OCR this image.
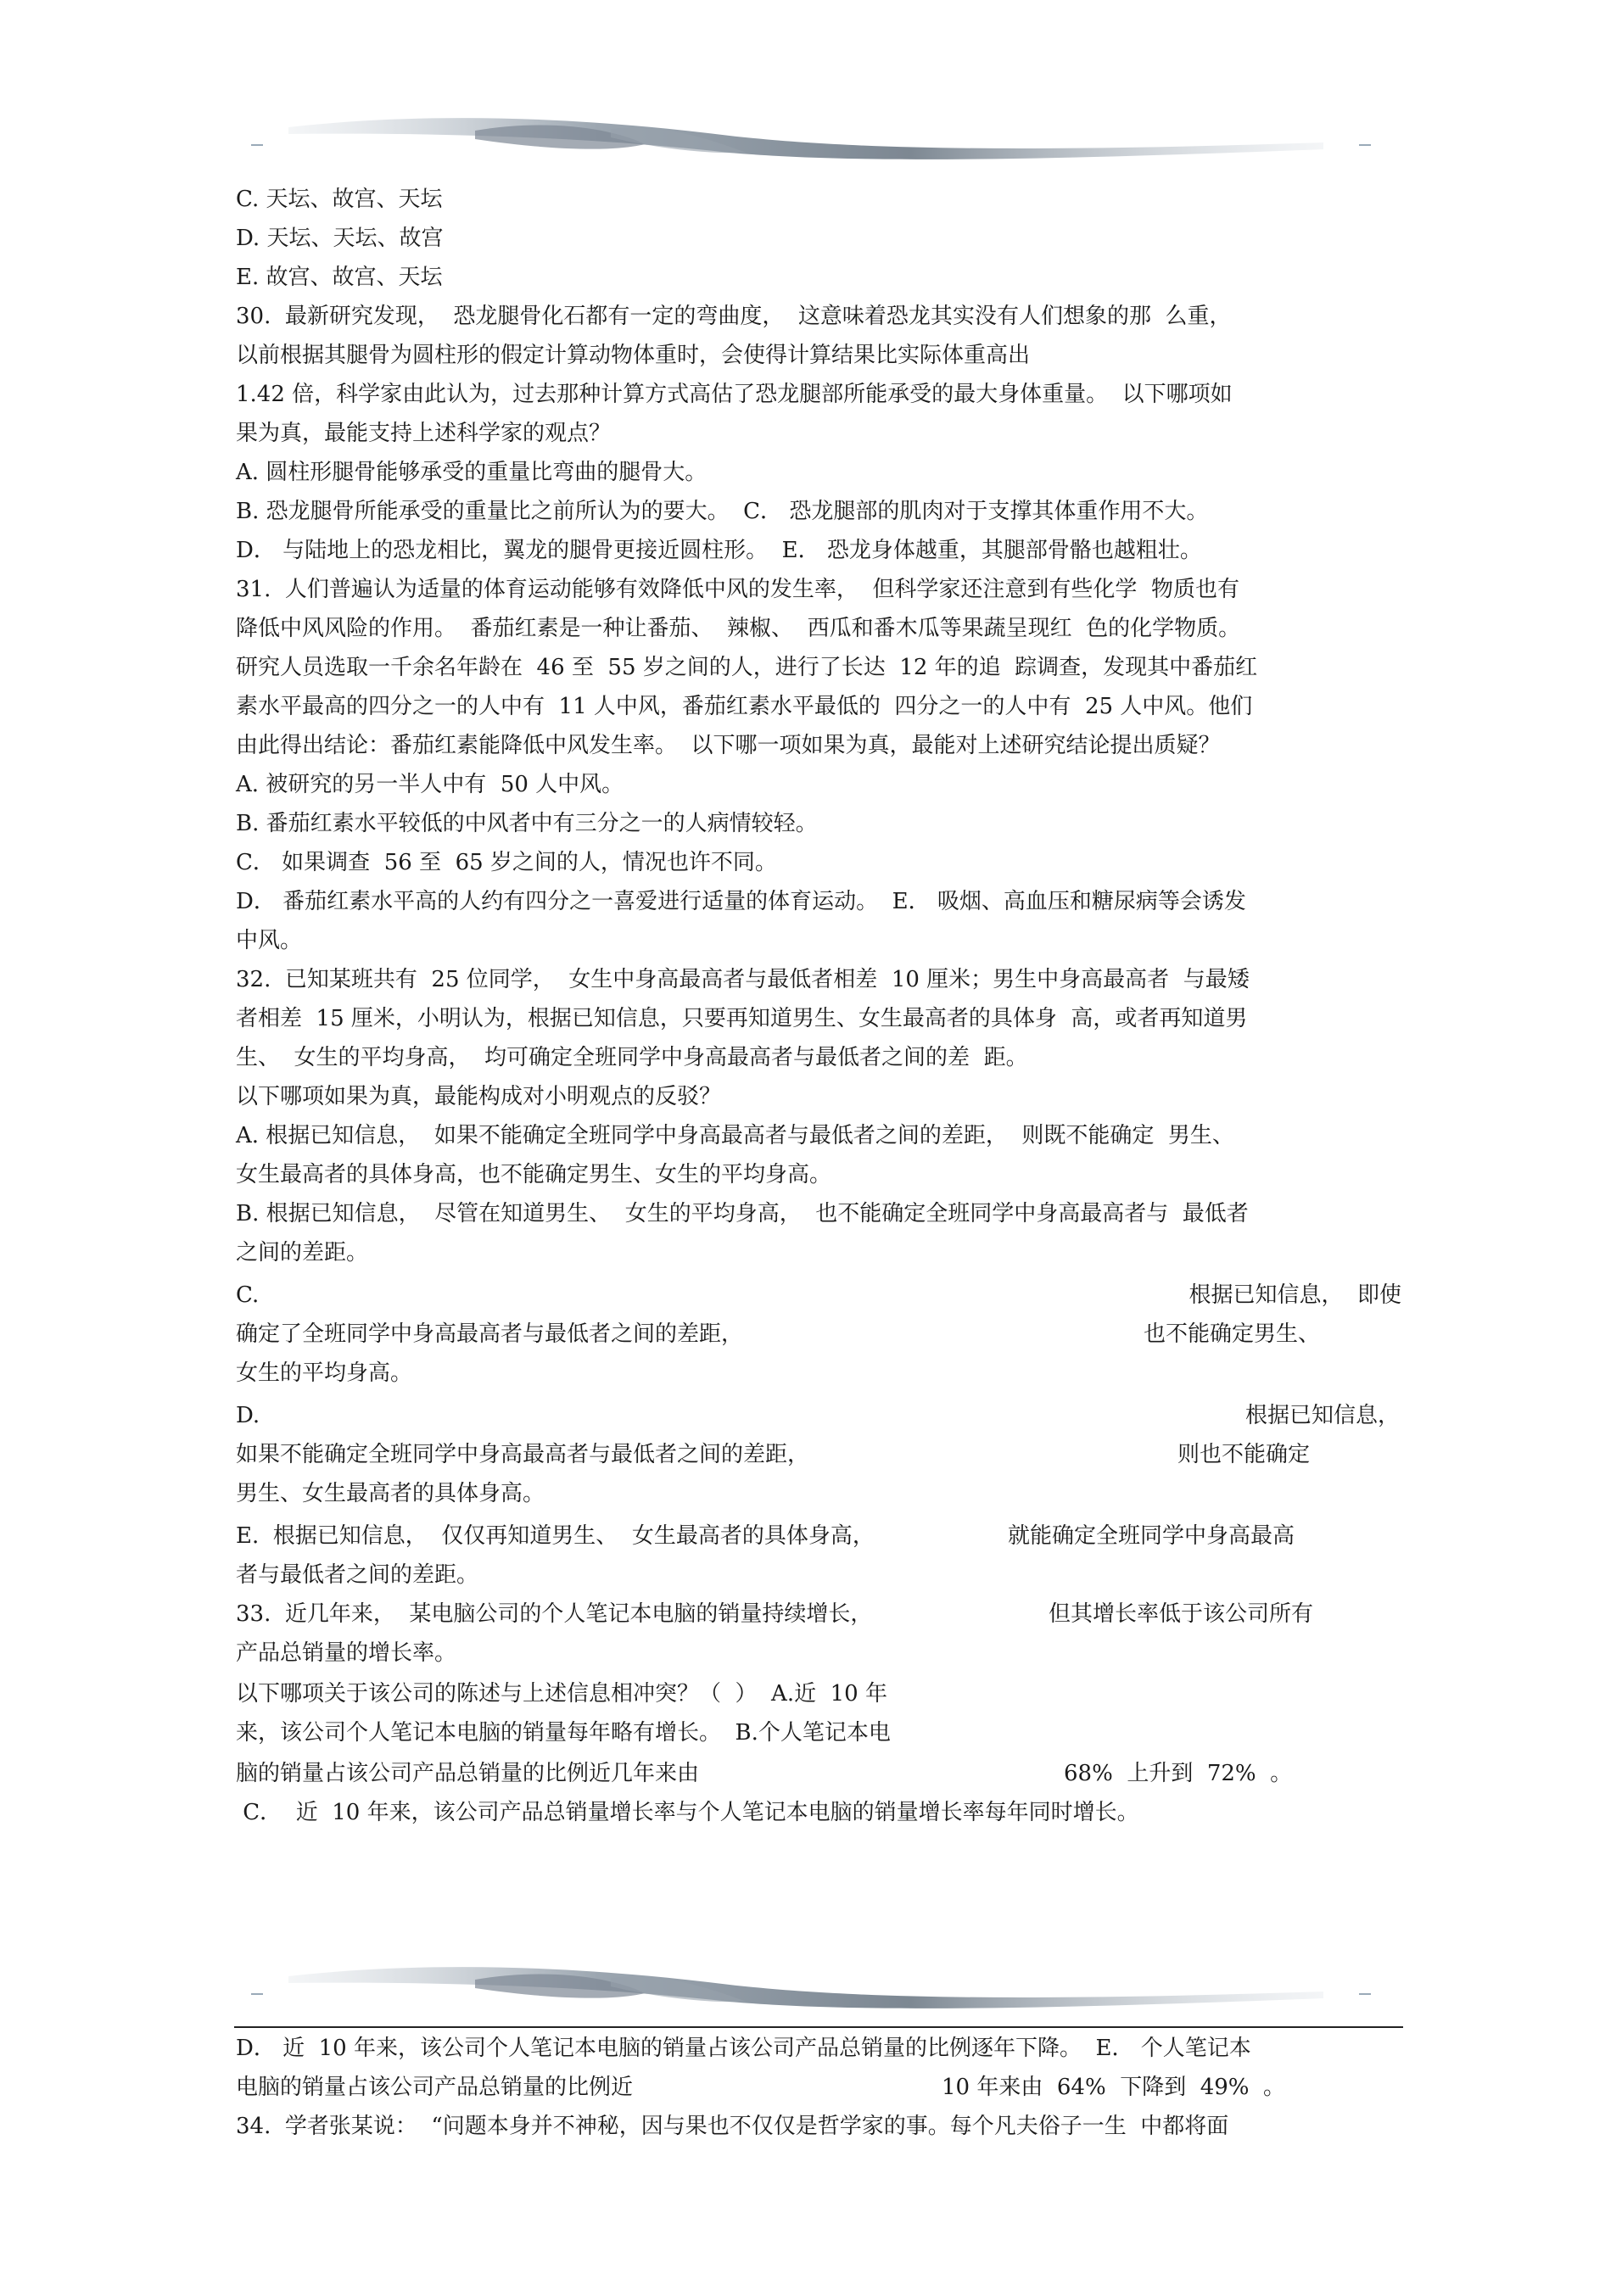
C. 天坛、故宫、天坛
D. 天坛、天坛、故宫
E. 故宫、故宫、天坛
30.  最新研究发现，  恐龙腿骨化石都有一定的弯曲度，  这意味着恐龙其实没有人们想象的那  么重，
以前根据其腿骨为圆柱形的假定计算动物体重时，会使得计算结果比实际体重高出
1.42 倍，科学家由此认为，过去那种计算方式高估了恐龙腿部所能承受的最大身体重量。  以下哪项如
果为真，最能支持上述科学家的观点？
A. 圆柱形腿骨能够承受的重量比弯曲的腿骨大。
B. 恐龙腿骨所能承受的重量比之前所认为的要大。  C． 恐龙腿部的肌肉对于支撑其体重作用不大。
D． 与陆地上的恐龙相比，翼龙的腿骨更接近圆柱形。  E． 恐龙身体越重，其腿部骨骼也越粗壮。
31.  人们普遍认为适量的体育运动能够有效降低中风的发生率，  但科学家还注意到有些化学  物质也有
降低中风风险的作用。  番茄红素是一种让番茄、  辣椒、  西瓜和番木瓜等果蔬呈现红  色的化学物质。
研究人员选取一千余名年龄在  46 至  55 岁之间的人，进行了长达  12 年的追  踪调查，发现其中番茄红
素水平最高的四分之一的人中有  11 人中风，番茄红素水平最低的  四分之一的人中有  25 人中风。他们
由此得出结论：番茄红素能降低中风发生率。  以下哪一项如果为真，最能对上述研究结论提出质疑？
A. 被研究的另一半人中有  50 人中风。
B. 番茄红素水平较低的中风者中有三分之一的人病情较轻。
C． 如果调查  56 至  65 岁之间的人，情况也许不同。
D． 番茄红素水平高的人约有四分之一喜爱进行适量的体育运动。  E． 吸烟、高血压和糖尿病等会诱发
中风。
32.  已知某班共有  25 位同学，  女生中身高最高者与最低者相差  10 厘米；男生中身高最高者  与最矮
者相差  15 厘米，小明认为，根据已知信息，只要再知道男生、女生最高者的具体身  高，或者再知道男
生、  女生的平均身高，  均可确定全班同学中身高最高者与最低者之间的差  距。
以下哪项如果为真，最能构成对小明观点的反驳？
A. 根据已知信息，  如果不能确定全班同学中身高最高者与最低者之间的差距，  则既不能确定  男生、
女生最高者的具体身高，也不能确定男生、女生的平均身高。
B. 根据已知信息，  尽管在知道男生、  女生的平均身高，  也不能确定全班同学中身高最高者与  最低者
之间的差距。
C.	根据已知信息，  即使
确定了全班同学中身高最高者与最低者之间的差距，	也不能确定男生、
女生的平均身高。
D.	根据已知信息，
如果不能确定全班同学中身高最高者与最低者之间的差距，	则也不能确定
男生、女生最高者的具体身高。
E.  根据已知信息，  仅仅再知道男生、  女生最高者的具体身高，	就能确定全班同学中身高最高
者与最低者之间的差距。
33.  近几年来，  某电脑公司的个人笔记本电脑的销量持续增长，	但其增长率低于该公司所有
产品总销量的增长率。
以下哪项关于该公司的陈述与上述信息相冲突？（  ）  A.近  10 年
来，该公司个人笔记本电脑的销量每年略有增长。  B.个人笔记本电
脑的销量占该公司产品总销量的比例近几年来由	68%  上升到  72%  。
C．  近  10 年来，该公司产品总销量增长率与个人笔记本电脑的销量增长率每年同时增长。
D． 近  10 年来，该公司个人笔记本电脑的销量占该公司产品总销量的比例逐年下降。  E． 个人笔记本
电脑的销量占该公司产品总销量的比例近	10 年来由  64%  下降到  49%  。
34.  学者张某说：  “问题本身并不神秘，因与果也不仅仅是哲学家的事。每个凡夫俗子一生  中都将面
